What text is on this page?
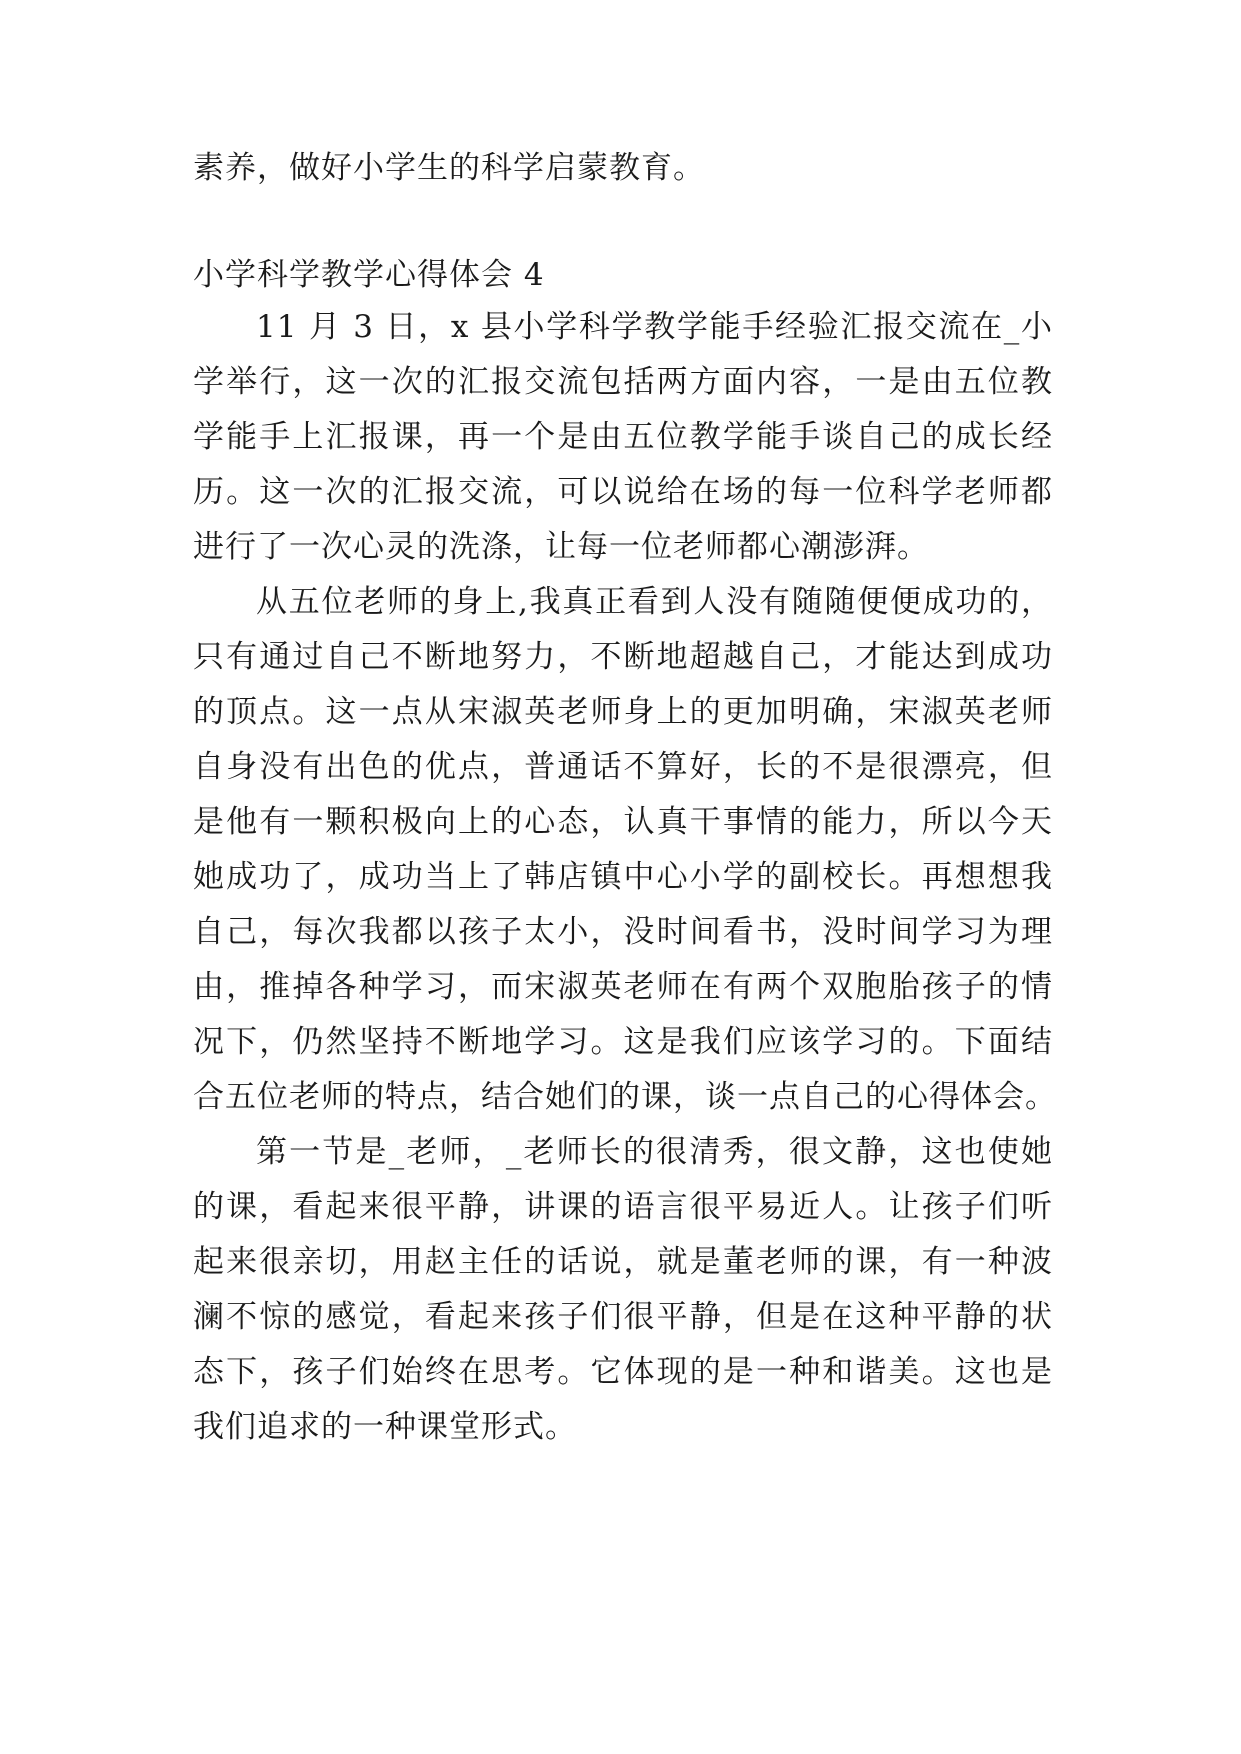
素养，做好小学生的科学启蒙教育。
小学科学教学心得体会 4
11 月 3 日，x 县小学科学教学能手经验汇报交流在_小
学举行，这一次的汇报交流包括两方面内容，一是由五位教
学能手上汇报课，再一个是由五位教学能手谈自己的成长经
历。这一次的汇报交流，可以说给在场的每一位科学老师都
进行了一次心灵的洗涤，让每一位老师都心潮澎湃。
从五位老师的身上,我真正看到人没有随随便便成功的，
只有通过自己不断地努力，不断地超越自己，才能达到成功
的顶点。这一点从宋淑英老师身上的更加明确，宋淑英老师
自身没有出色的优点，普通话不算好，长的不是很漂亮，但
是他有一颗积极向上的心态，认真干事情的能力，所以今天
她成功了，成功当上了韩店镇中心小学的副校长。再想想我
自己，每次我都以孩子太小，没时间看书，没时间学习为理
由，推掉各种学习，而宋淑英老师在有两个双胞胎孩子的情
况下，仍然坚持不断地学习。这是我们应该学习的。下面结
合五位老师的特点，结合她们的课，谈一点自己的心得体会。
第一节是_老师，_老师长的很清秀，很文静，这也使她
的课，看起来很平静，讲课的语言很平易近人。让孩子们听
起来很亲切，用赵主任的话说，就是董老师的课，有一种波
澜不惊的感觉，看起来孩子们很平静，但是在这种平静的状
态下，孩子们始终在思考。它体现的是一种和谐美。这也是
我们追求的一种课堂形式。
